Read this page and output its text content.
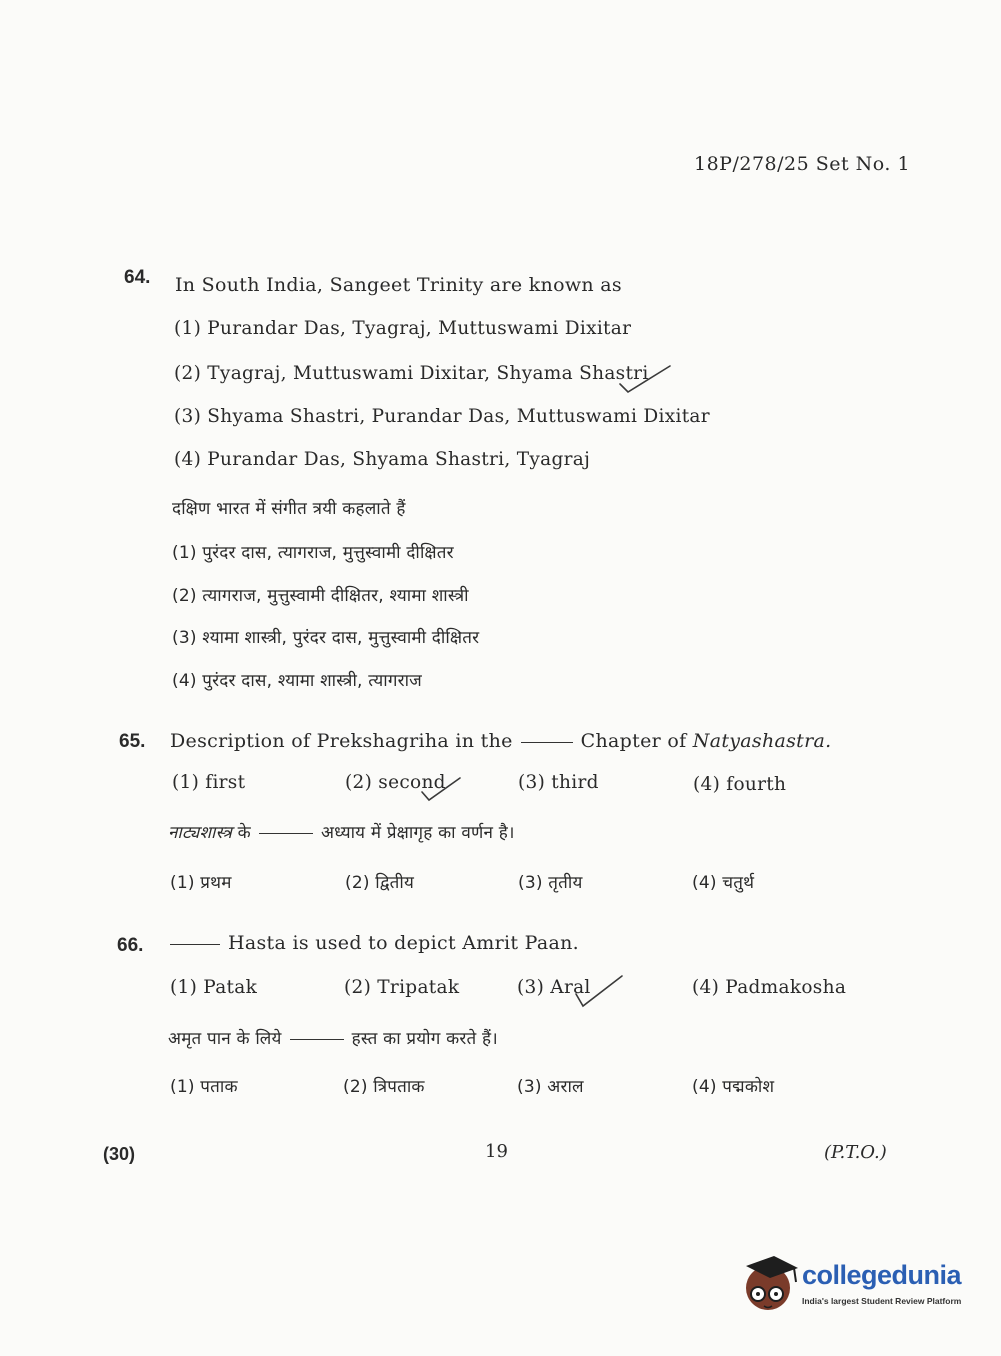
18P/278/25 Set No. 1
64. In South India, Sangeet Trinity are known as
(1) Purandar Das, Tyagraj, Muttuswami Dixitar
(2) Tyagraj, Muttuswami Dixitar, Shyama Shastri
(3) Shyama Shastri, Purandar Das, Muttuswami Dixitar
(4) Purandar Das, Shyama Shastri, Tyagraj
दक्षिण भारत में संगीत त्रयी कहलाते हैं
(1) पुरंदर दास, त्यागराज, मुत्तुस्वामी दीक्षितर
(2) त्यागराज, मुत्तुस्वामी दीक्षितर, श्यामा शास्त्री
(3) श्यामा शास्त्री, पुरंदर दास, मुत्तुस्वामी दीक्षितर
(4) पुरंदर दास, श्यामा शास्त्री, त्यागराज
65. Description of Prekshagriha in the	Chapter of Natyashastra.
(1) first	(2) second	(3) third	(4) fourth
नाट्यशास्त्र के	अध्याय में प्रेक्षागृह का वर्णन है।
(1) प्रथम	(2) द्वितीय	(3) तृतीय	(4) चतुर्थ
66.	Hasta is used to depict Amrit Paan.
(1) Patak	(2) Tripatak	(3) Aral	(4) Padmakosha
अमृत पान के लिये	हस्त का प्रयोग करते हैं।
(1) पताक	(2) त्रिपताक	(3) अराल	(4) पद्मकोश
(30)	19	(P.T.O.)
collegedunia
India's largest Student Review Platform
